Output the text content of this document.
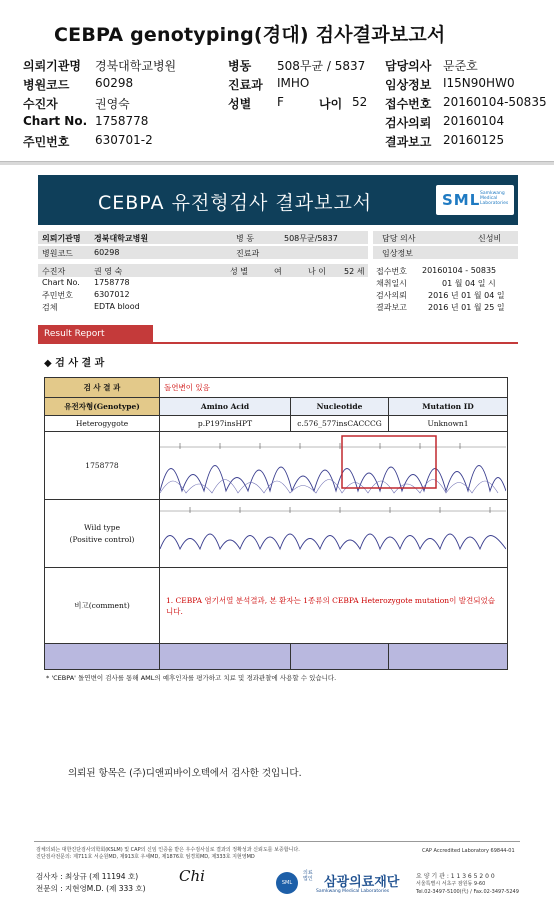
CEBPA genotyping(경대) 검사결과보고서
의뢰기관명 경북대학교병원	병동 508무균 / 5837 담당의사 문준호
병원코드 60298	진료과 IMHO	임상정보 I15N90HW0
수진자	권영숙	성별 F	나이 52 접수번호 20160104-50835
Chart No. 1758778	검사의뢰 20160104
주민번호 630701-2	결과보고 20160125
CEBPA 유전형검사 결과보고서	SML Samkwang Medical Laboratories
의뢰기관명 경북대학교병원	병 동	508무균/5837	담당 의사	신성비
병원코드	60298	진료과	임상정보
수진자	권 영 숙	성 별	여	나 이 52 세 접수번호 20160104 - 50835
Chart No. 1758778	채취일시	01 월 04 일 시
주민번호	6307012	검사의뢰	2016 년 01 월 04 일
검체	EDTA blood	결과보고	2016 년 01 월 25 일
Result Report
◆ 검 사 결 과
검 사 결 과	돌연변이 있음		
유전자형(Genotype)	Amino Acid	Nucleotide	Mutation ID
Heterogygote	p.P197insHPT	c.576_577insCACCCG	Unknown1
1758778	

Wild type
(Positive control)

비고(comment)	1. CEBPA 염기서열 분석결과, 본 환자는 1종류의 CEBPA Heterozygote mutation이 발견되었습니다.		

* 'CEBPA' 돌연변이 검사를 통해 AML의 예후인자를 평가하고 치료 및 경과관찰에 사용할 수 있습니다.
의뢰된 항목은 (주)디앤피바이오텍에서 검사한 것입니다.
검체의뢰는 대한진단검사의학회(KSLM) 및 CAP의 신임 인증을 받은 우수검사실로 결과의 정확성과 신뢰도를 보증합니다.
진단검사전문의: 제711호 서순원MD, 제913호 우세MD, 제1876호 엄경희MD, 제333호 지현영MD
CAP Accredited Laboratory 69844-01
검사자 : 최상규 (제 11194 호)
전문의 : 지현영M.D. (제 333 호)
Chi	SML	삼광의료재단
의료
법인
Samkwang Medical Laboratories
요 양 기 관 : 1 1 3 6 5 2 0 0
서울특별시 서초구 잠원동 9-60
Tel.02-3497-5100(代) / Fax.02-3497-5249
